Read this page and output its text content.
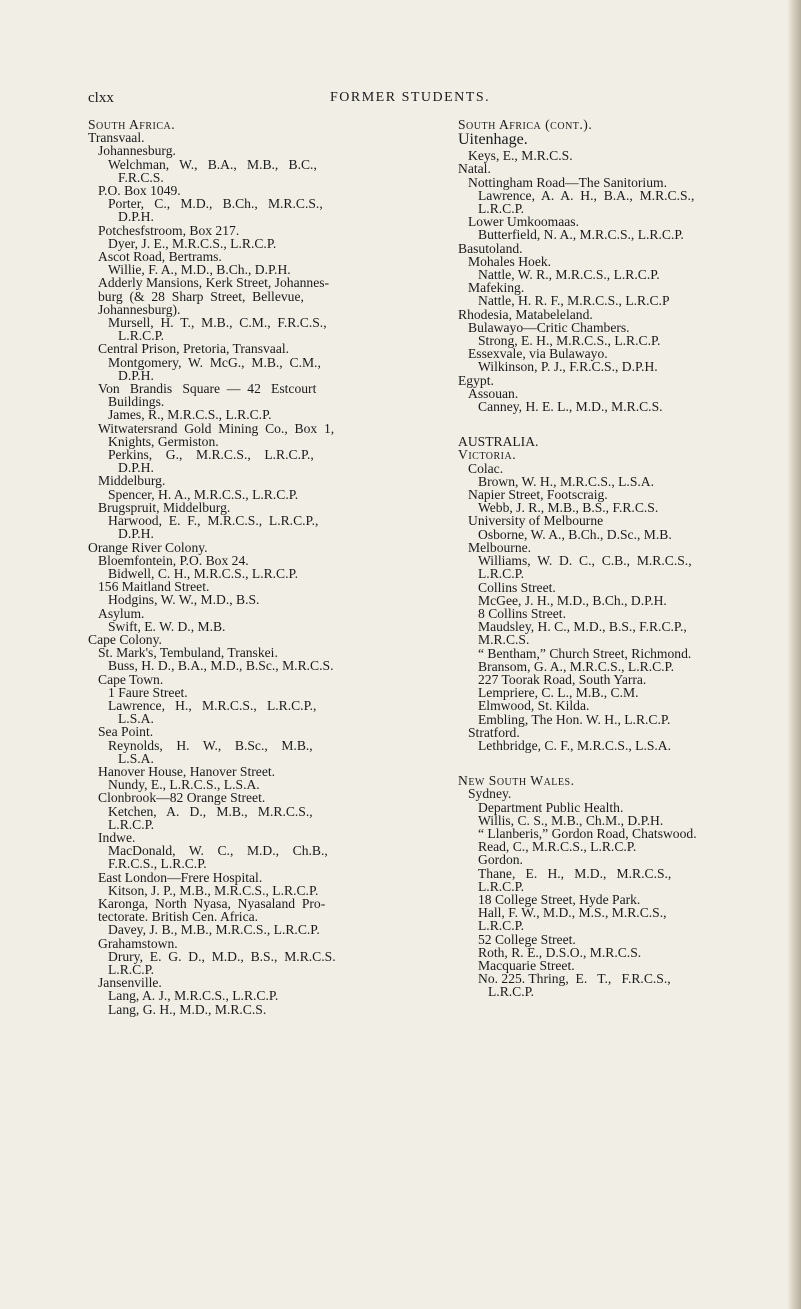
clxx	FORMER STUDENTS.
South Africa.
Transvaal.
Johannesburg.
Welchman,   W.,   B.A.,   M.B.,   B.C.,
F.R.C.S.
P.O. Box 1049.
Porter,   C.,   M.D.,   B.Ch.,   M.R.C.S.,
D.P.H.
Potchesfstroom, Box 217.
Dyer, J. E., M.R.C.S., L.R.C.P.
Ascot Road, Bertrams.
Willie, F. A., M.D., B.Ch., D.P.H.
Adderly Mansions, Kerk Street, Johannes-
burg  (&  28  Sharp  Street,  Bellevue,
Johannesburg).
Mursell,  H.  T.,  M.B.,  C.M.,  F.R.C.S.,
L.R.C.P.
Central Prison, Pretoria, Transvaal.
Montgomery,  W.  McG.,  M.B.,  C.M.,
D.P.H.
Von   Brandis   Square  —  42   Estcourt
Buildings.
James, R., M.R.C.S., L.R.C.P.
Witwatersrand  Gold  Mining  Co.,  Box  1,
Knights, Germiston.
Perkins,    G.,    M.R.C.S.,    L.R.C.P.,
D.P.H.
Middelburg.
Spencer, H. A., M.R.C.S., L.R.C.P.
Brugspruit, Middelburg.
Harwood,  E.  F.,  M.R.C.S.,  L.R.C.P.,
D.P.H.
Orange River Colony.
Bloemfontein, P.O. Box 24.
Bidwell, C. H., M.R.C.S., L.R.C.P.
156 Maitland Street.
Hodgins, W. W., M.D., B.S.
Asylum.
Swift, E. W. D., M.B.
Cape Colony.
St. Mark's, Tembuland, Transkei.
Buss, H. D., B.A., M.D., B.Sc., M.R.C.S.
Cape Town.
1 Faure Street.
Lawrence,   H.,   M.R.C.S.,   L.R.C.P.,
L.S.A.
Sea Point.
Reynolds,    H.    W.,    B.Sc.,    M.B.,
L.S.A.
Hanover House, Hanover Street.
Nundy, E., L.R.C.S., L.S.A.
Clonbrook—82 Orange Street.
Ketchen,   A.   D.,   M.B.,   M.R.C.S.,
L.R.C.P.
Indwe.
MacDonald,    W.    C.,    M.D.,    Ch.B.,
F.R.C.S., L.R.C.P.
East London—Frere Hospital.
Kitson, J. P., M.B., M.R.C.S., L.R.C.P.
Karonga,  North  Nyasa,  Nyasaland  Pro-
tectorate. British Cen. Africa.
Davey, J. B., M.B., M.R.C.S., L.R.C.P.
Grahamstown.
Drury,  E.  G.  D.,  M.D.,  B.S.,  M.R.C.S.
L.R.C.P.
Jansenville.
Lang, A. J., M.R.C.S., L.R.C.P.
Lang, G. H., M.D., M.R.C.S.
South Africa (cont.).
Uitenhage.
Keys, E., M.R.C.S.
Natal.
Nottingham Road—The Sanitorium.
Lawrence,  A.  A.  H.,  B.A.,  M.R.C.S.,
L.R.C.P.
Lower Umkoomaas.
Butterfield, N. A., M.R.C.S., L.R.C.P.
Basutoland.
Mohales Hoek.
Nattle, W. R., M.R.C.S., L.R.C.P.
Mafeking.
Nattle, H. R. F., M.R.C.S., L.R.C.P
Rhodesia, Matabeleland.
Bulawayo—Critic Chambers.
Strong, E. H., M.R.C.S., L.R.C.P.
Essexvale, via Bulawayo.
Wilkinson, P. J., F.R.C.S., D.P.H.
Egypt.
Assouan.
Canney, H. E. L., M.D., M.R.C.S.
AUSTRALIA.
Victoria.
Colac.
Brown, W. H., M.R.C.S., L.S.A.
Napier Street, Footscraig.
Webb, J. R., M.B., B.S., F.R.C.S.
University of Melbourne
Osborne, W. A., B.Ch., D.Sc., M.B.
Melbourne.
Williams,  W.  D.  C.,  C.B.,  M.R.C.S.,
L.R.C.P.
Collins Street.
McGee, J. H., M.D., B.Ch., D.P.H.
8 Collins Street.
Maudsley, H. C., M.D., B.S., F.R.C.P.,
M.R.C.S.
“ Bentham,” Church Street, Richmond.
Bransom, G. A., M.R.C.S., L.R.C.P.
227 Toorak Road, South Yarra.
Lempriere, C. L., M.B., C.M.
Elmwood, St. Kilda.
Embling, The Hon. W. H., L.R.C.P.
Stratford.
Lethbridge, C. F., M.R.C.S., L.S.A.
New South Wales.
Sydney.
Department Public Health.
Willis, C. S., M.B., Ch.M., D.P.H.
“ Llanberis,” Gordon Road, Chatswood.
Read, C., M.R.C.S., L.R.C.P.
Gordon.
Thane,   E.   H.,   M.D.,   M.R.C.S.,
L.R.C.P.
18 College Street, Hyde Park.
Hall, F. W., M.D., M.S., M.R.C.S.,
L.R.C.P.
52 College Street.
Roth, R. E., D.S.O., M.R.C.S.
Macquarie Street.
No. 225. Thring,  E.   T.,   F.R.C.S.,
L.R.C.P.
